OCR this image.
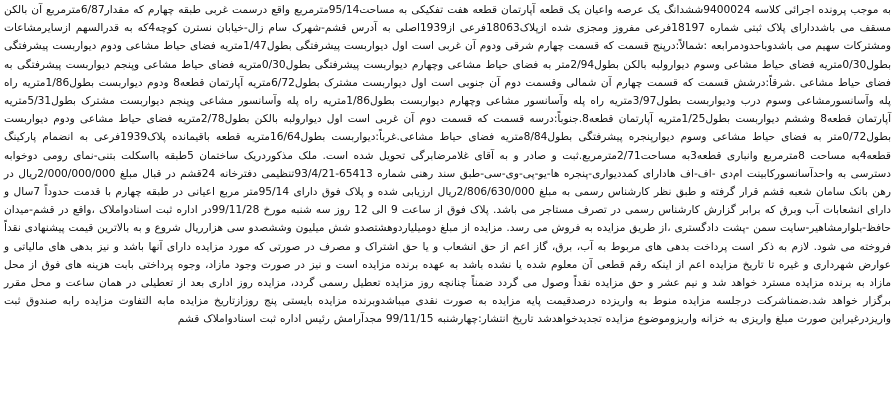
به موجب پرونده اجرائی کلاسه 9400024ششدانگ یک عرصه واعیان یک قطعه آپارتمان قطعه هفت تفکیکی به مساحت95/14مترمربع واقع درسمت غربی طبقه چهارم که مقدار6/87مترمربع آن بالکن مسقف می باشددارای پلاک ثبتی شماره 18197فرعی مفروز ومجزی شده ازپلاک18063فرعی از1939اصلی به آدرس قشم-شهرک سام زال-خیابان نسترن کوچه4که به قدرالسهم ازسایرمشاعات ومشترکات سهیم می باشدوباحدودمرابعه :شمالاً:درپنج قسمت که قسمت چهارم شرقی ودوم آن غربی است اول دیواربست پیشرفتگی بطول1/47متریه فضای حیاط مشاعی ودوم دیواربست پیشرفتگی بطول0/30متریه فضای حیاط مشاعی وسوم دیوارولبه بالکن بطول2/94متر به فضای حیاط مشاعی وچهارم دیواربست پیشرفتگی بطول0/30متریه فضای حیاط مشاعی وپنجم دیواربست پیشرفتگی به فضای حیاط مشاعی .شرقاً:درشش قسمت که قسمت چهارم آن شمالی وقسمت دوم آن جنوبی است اول دیواربست مشترک بطول6/72متریه آپارتمان قطعه8 ودوم دیواربست بطول1/86متریه راه پله وآسانسورمشاعی وسوم درب ودیواربست بطول3/97متریه راه پله وآسانسور مشاعی وچهارم دیواربست بطول1/86متریه راه پله وآسانسور مشاعی وپنجم دیواربست مشترک بطول5/31متریه آپارتمان قطعه8 وششم دیواربست بطول1/25متریه آپارتمان قطعه8.جنوباً:درسه قسمت که قسمت دوم آن غربی است اول دیوارولبه بالکن بطول2/78متریه فضای حیاط مشاعی ودوم دیواربست بطول0/72متر به فضای حیاط مشاعی وسوم دیوارپنجره پیشرفتگی بطول8/84متریه فضای حیاط مشاعی.غرباً:دیواربست بطول16/64متریه قطعه باقیمانده پلاک1939فرعی به انضمام پارکینگ قطعه4به مساحت 8مترمربع وانباری قطعه3به مساحت2/71مترمربع.ثبت و صادر و به آقای غلامرضابرگی تحویل شده است. ملک مذکوردریک ساختمان 5طبقه بااسکلت بتنی-نمای رومی دوخوابه دسترسی به واحدآسانسورکابینت ام‌دی -اف-اف هادارای کمددیواری-پنجره ها-یو-پی-وی-سی-طبق سند رهنی شماره 65413-93/4/21تنظیمی دفترخانه 24قشم در قبال مبلغ 2/000/000/000ریال در رهن بانک سامان شعبه قشم قرار گرفته و طبق نظر کارشناس رسمی به مبلغ 2/806/630/000ریال ارزیابی شده و پلاک فوق دارای 95/14متر مربع اعیانی در طبقه چهارم با قدمت حدوداً 7سال و دارای انشعابات آب وبرق که برابر گزارش کارشناس رسمی در تصرف مستاجر می باشد. پلاک فوق از ساعت 9 الی 12 روز سه شنبه مورخ 99/11/28در اداره ثبت اسنادواملاک ،واقع در قشم-میدان حافظ-بلوارمشاهیر-سایت سمن -پشت دادگستری ،از طریق مزایده به فروش می رسد. مزایده از مبلغ دومیلیاردوهشتصدو شش میلیون وششصدو سی هزارریال شروع و به بالاترین قیمت پیشنهادی نقداً فروخته می شود. لازم به ذکر است پرداخت بدهی های مربوط به آب، برق، گاز اعم از حق انشعاب و یا حق اشتراک و مصرف در صورتی که مورد مزایده دارای آنها باشد و نیز بدهی های مالیاتی و عوارض شهرداری و غیره تا تاریخ مزایده اعم از اینکه رقم قطعی آن معلوم شده یا نشده باشد به عهده برنده مزایده است و نیز در صورت وجود مازاد، وجوه پرداختی بابت هزینه های فوق از محل مازاد به برنده مزایده مسترد خواهد شد و نیم عشر و حق مزایده نقداً وصول می گردد ضمناً چنانچه روز مزایده تعطیل رسمی گردد، مزایده روز اداری بعد از تعطیلی در همان ساعت و محل مقرر برگزار خواهد شد.ضمناشرکت درجلسه مزایده منوط به واریزده درصدقیمت پایه مزایده به صورت نقدی میباشدوبرنده مزایده بایستی پنج روزازتاریخ مزایده مابه التفاوت مزایده رابه صندوق ثبت واریزدرغیراین صورت مبلغ واریزی به خزانه واریزوموضوع مزایده تجدیدخواهدشد تاریخ انتشار:چهارشنبه 99/11/15 مجدآرامش رئیس اداره ثبت اسنادواملاک قشم
